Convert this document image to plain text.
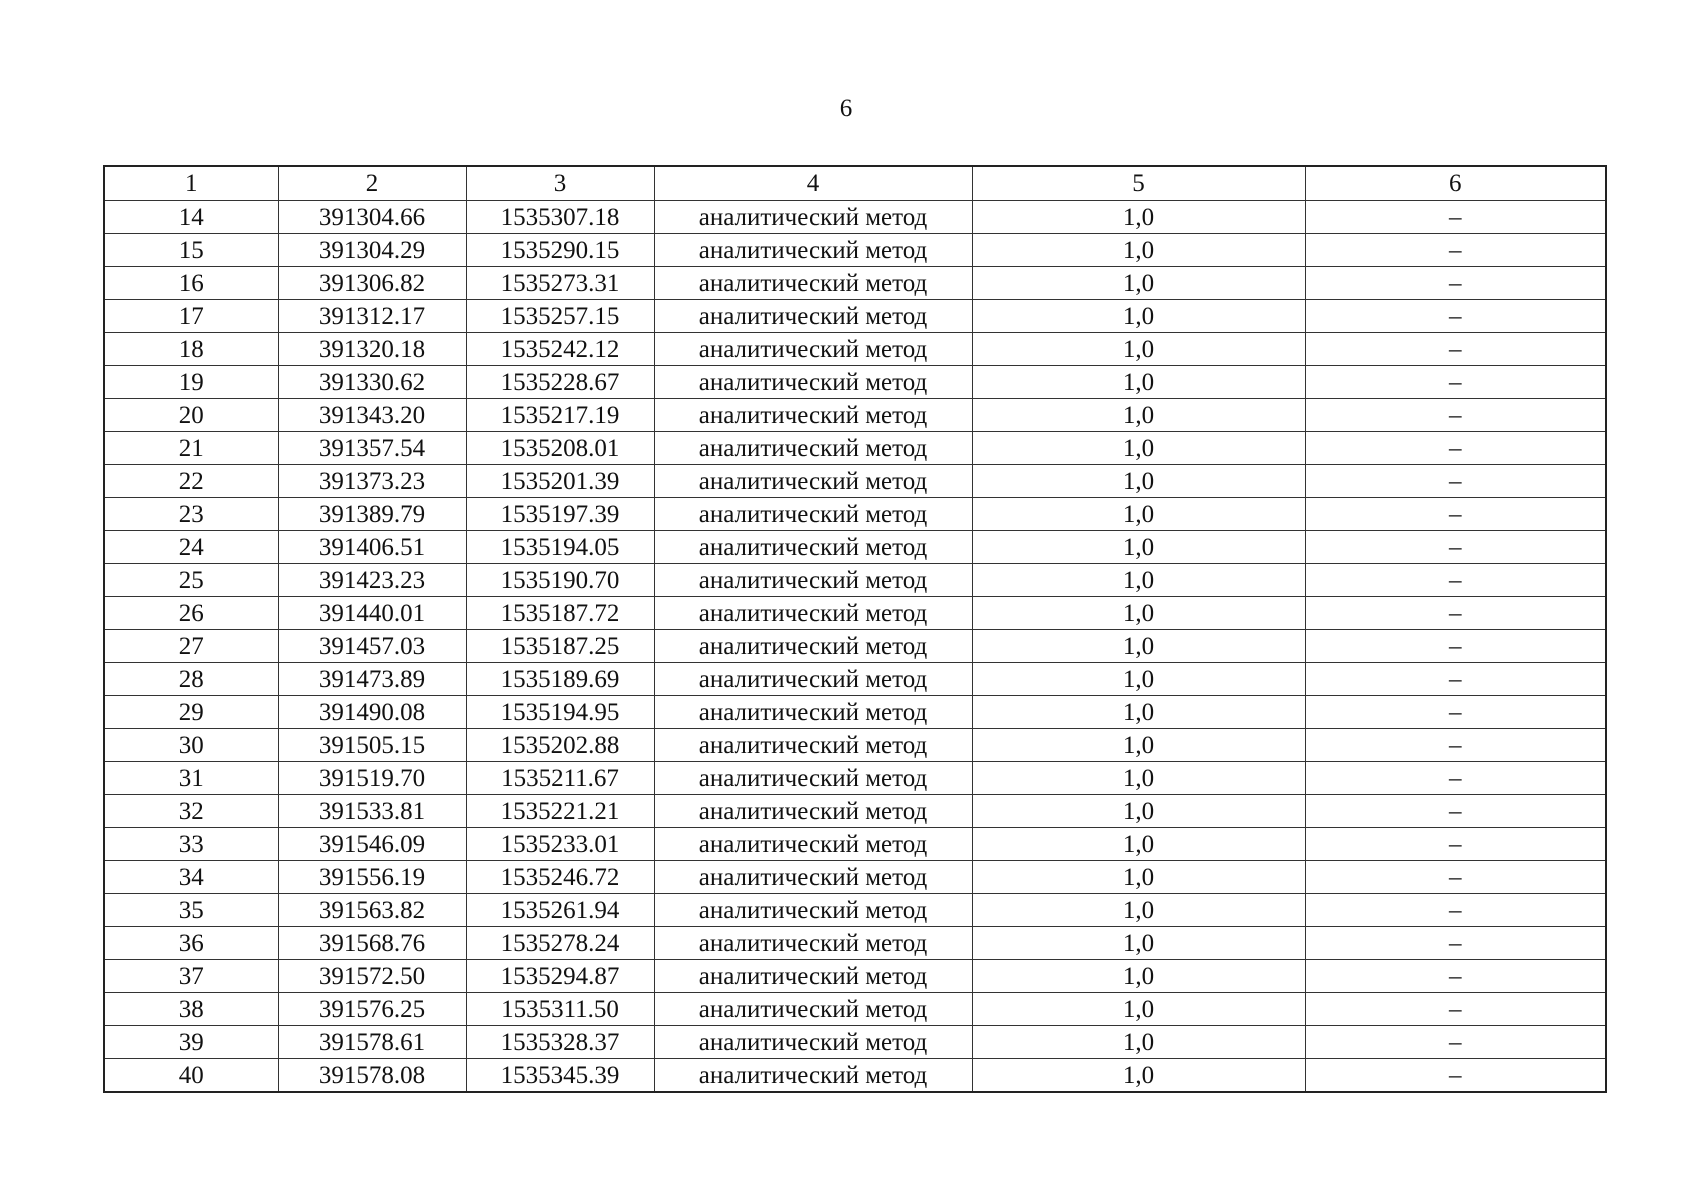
6
1	2	3	4	5	6
14	391304.66	1535307.18	аналитический метод	1,0	–
15	391304.29	1535290.15	аналитический метод	1,0	–
16	391306.82	1535273.31	аналитический метод	1,0	–
17	391312.17	1535257.15	аналитический метод	1,0	–
18	391320.18	1535242.12	аналитический метод	1,0	–
19	391330.62	1535228.67	аналитический метод	1,0	–
20	391343.20	1535217.19	аналитический метод	1,0	–
21	391357.54	1535208.01	аналитический метод	1,0	–
22	391373.23	1535201.39	аналитический метод	1,0	–
23	391389.79	1535197.39	аналитический метод	1,0	–
24	391406.51	1535194.05	аналитический метод	1,0	–
25	391423.23	1535190.70	аналитический метод	1,0	–
26	391440.01	1535187.72	аналитический метод	1,0	–
27	391457.03	1535187.25	аналитический метод	1,0	–
28	391473.89	1535189.69	аналитический метод	1,0	–
29	391490.08	1535194.95	аналитический метод	1,0	–
30	391505.15	1535202.88	аналитический метод	1,0	–
31	391519.70	1535211.67	аналитический метод	1,0	–
32	391533.81	1535221.21	аналитический метод	1,0	–
33	391546.09	1535233.01	аналитический метод	1,0	–
34	391556.19	1535246.72	аналитический метод	1,0	–
35	391563.82	1535261.94	аналитический метод	1,0	–
36	391568.76	1535278.24	аналитический метод	1,0	–
37	391572.50	1535294.87	аналитический метод	1,0	–
38	391576.25	1535311.50	аналитический метод	1,0	–
39	391578.61	1535328.37	аналитический метод	1,0	–
40	391578.08	1535345.39	аналитический метод	1,0	–
